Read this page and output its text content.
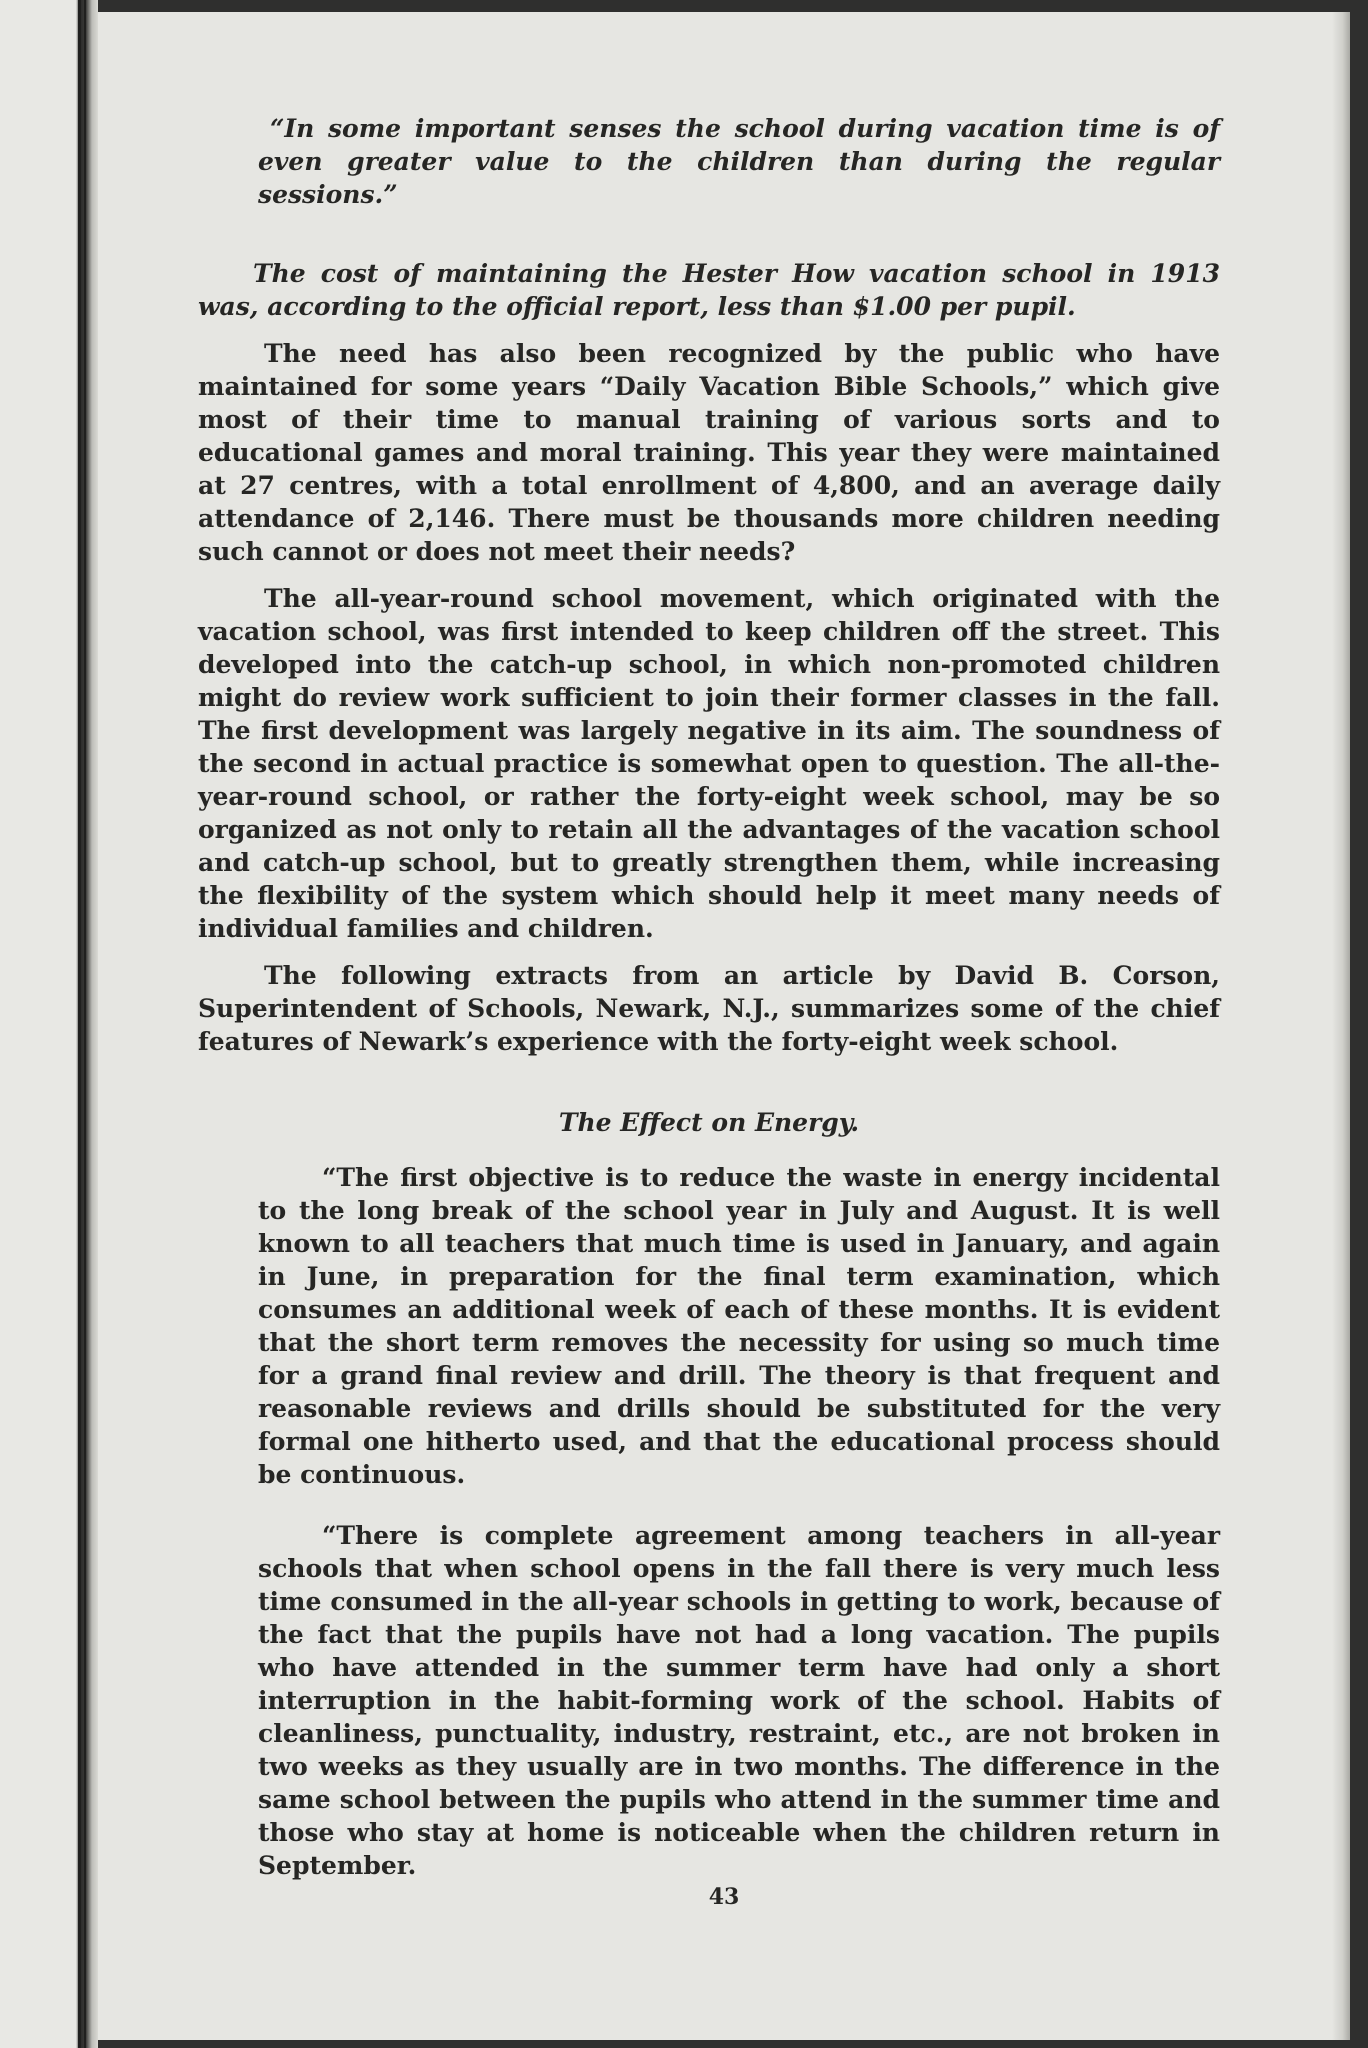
“In some important senses the school during vacation time is of even greater value to the children than during the regular sessions.”

The cost of maintaining the Hester How vacation school in 1913 was, according to the official report, less than $1.00 per pupil.

The need has also been recognized by the public who have maintained for some years “Daily Vacation Bible Schools,” which give most of their time to manual training of various sorts and to educational games and moral training. This year they were maintained at 27 centres, with a total enrollment of 4,800, and an average daily attendance of 2,146. There must be thousands more children needing such cannot or does not meet their needs?

The all-year-round school movement, which originated with the vacation school, was first intended to keep children off the street. This developed into the catch-up school, in which non-promoted children might do review work sufficient to join their former classes in the fall. The first development was largely negative in its aim. The soundness of the second in actual practice is somewhat open to question. The all-the-year-round school, or rather the forty-eight week school, may be so organized as not only to retain all the advantages of the vacation school and catch-up school, but to greatly strengthen them, while increasing the flexibility of the system which should help it meet many needs of individual families and children.

The following extracts from an article by David B. Corson, Superintendent of Schools, Newark, N.J., summarizes some of the chief features of Newark’s experience with the forty-eight week school.

The Effect on Energy.

“The first objective is to reduce the waste in energy incidental to the long break of the school year in July and August. It is well known to all teachers that much time is used in January, and again in June, in preparation for the final term examination, which consumes an additional week of each of these months. It is evident that the short term removes the necessity for using so much time for a grand final review and drill. The theory is that frequent and reasonable reviews and drills should be substituted for the very formal one hitherto used, and that the educational process should be continuous.

“There is complete agreement among teachers in all-year schools that when school opens in the fall there is very much less time consumed in the all-year schools in getting to work, because of the fact that the pupils have not had a long vacation. The pupils who have attended in the summer term have had only a short interruption in the habit-forming work of the school. Habits of cleanliness, punctuality, industry, restraint, etc., are not broken in two weeks as they usually are in two months. The difference in the same school between the pupils who attend in the summer time and those who stay at home is noticeable when the children return in September.

43
